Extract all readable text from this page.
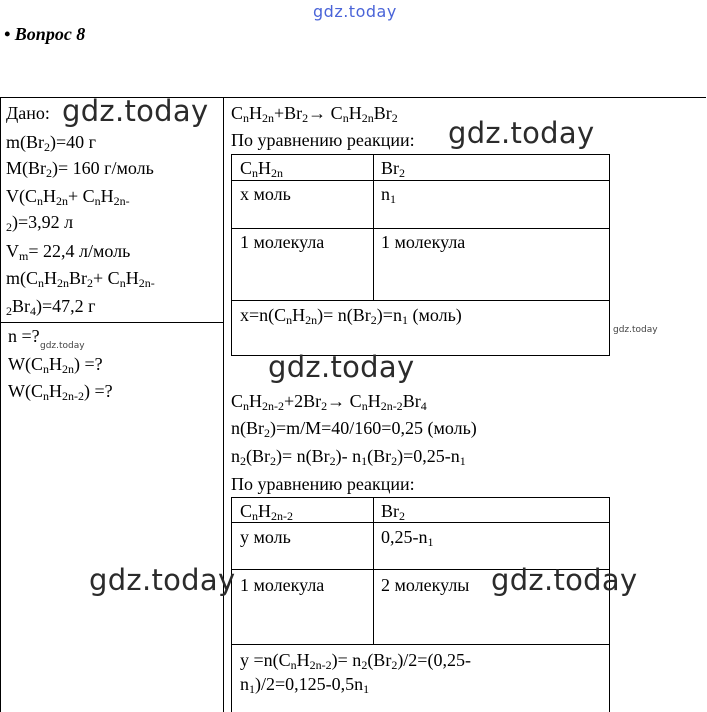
gdz.today
• Вопрос 8
Дано:
$m(Br_2)=40$ г
$M(Br_2)= 160$ г/моль
$V(C_nH_{2n}+ C_nH_{2n-}$
$_2$)=3,92 л
$V_m= 22,4$ л/моль
$m(C_nH_{2n}Br_2+ C_nH_{2n-}$
$_2Br_4)=47,2$ г
n =?
$W(C_nH_{2n})$ =?
$W(C_nH_{2n-2})$ =?
$C_nH_{2n}+Br_2\to C_nH_{2n}Br_2$
По уравнению реакции:
$C_nH_{2n}$	$Br_2$
x моль	$n_1$
1 молекула	1 молекула
$x=n(C_nH_{2n})= n(Br_2)=n_1$ (моль)
$C_nH_{2n-2}+2Br_2\to C_nH_{2n-2}Br_4$
$n(Br_2)=m/M=40/160=0,25$ (моль)
$n_2(Br_2)= n(Br_2)-$ $n_1(Br_2)=0,25-n_1$
По уравнению реакции:
$C_nH_{2n-2}$	$Br_2$
y моль	$0,25-n_1$
1 молекула	2 молекулы
$y =n(C_nH_{2n-2})= n_2(Br_2)/2=(0,25-$
$n_1)/2=0,125-0,5n_1$
gdz.today
gdz.today
gdz.today
gdz.today	gdz.today
gdz.today
gdz.today
